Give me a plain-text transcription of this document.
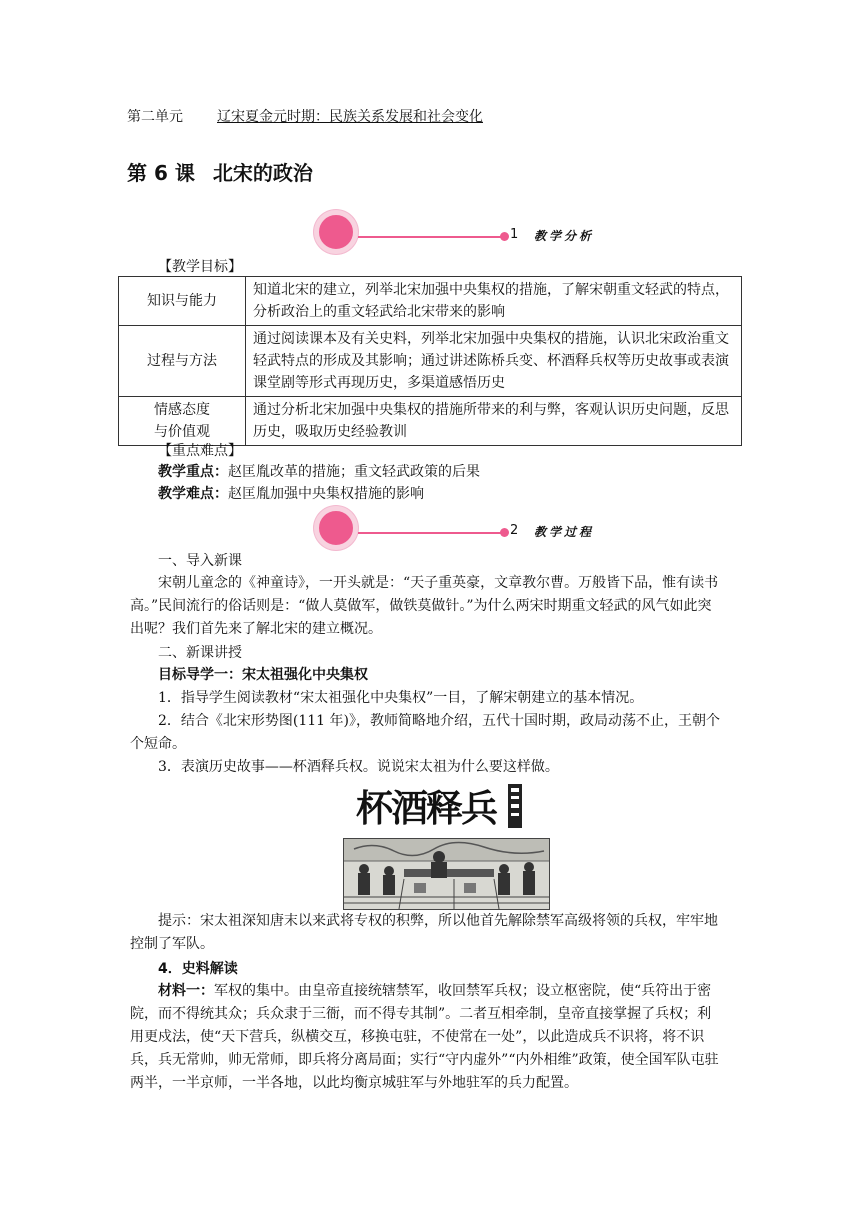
第二单元 辽宋夏金元时期：民族关系发展和社会变化
第 6 课 北宋的政治
1 教学分析
【教学目标】
知识与能力	知道北宋的建立，列举北宋加强中央集权的措施，了解宋朝重文轻武的特点，分析政治上的重文轻武给北宋带来的影响
过程与方法	通过阅读课本及有关史料，列举北宋加强中央集权的措施，认识北宋政治重文轻武特点的形成及其影响；通过讲述陈桥兵变、杯酒释兵权等历史故事或表演课堂剧等形式再现历史，多渠道感悟历史

情感态度
与价值观	通过分析北宋加强中央集权的措施所带来的利与弊，客观认识历史问题，反思历史，吸取历史经验教训
【重点难点】
教学重点：赵匡胤改革的措施；重文轻武政策的后果
教学难点：赵匡胤加强中央集权措施的影响
2 教学过程
一、导入新课
宋朝儿童念的《神童诗》，一开头就是：“天子重英豪，文章教尔曹。万般皆下品，惟有读书高。”民间流行的俗话则是：“做人莫做军，做铁莫做针。”为什么两宋时期重文轻武的风气如此突出呢？我们首先来了解北宋的建立概况。
二、新课讲授
目标导学一：宋太祖强化中央集权
1．指导学生阅读教材“宋太祖强化中央集权”一目，了解宋朝建立的基本情况。
2．结合《北宋形势图(111 年)》，教师简略地介绍，五代十国时期，政局动荡不止，王朝个个短命。
3．表演历史故事——杯酒释兵权。说说宋太祖为什么要这样做。
杯酒释兵
提示：宋太祖深知唐末以来武将专权的积弊，所以他首先解除禁军高级将领的兵权，牢牢地控制了军队。
4．史料解读
材料一：军权的集中。由皇帝直接统辖禁军，收回禁军兵权；设立枢密院，使“兵符出于密院，而不得统其众；兵众隶于三衙，而不得专其制”。二者互相牵制，皇帝直接掌握了兵权；利用更戍法，使“天下营兵，纵横交互，移换屯驻，不使常在一处”，以此造成兵不识将，将不识兵，兵无常帅，帅无常师，即兵将分离局面；实行“守内虚外”“内外相维”政策，使全国军队屯驻两半，一半京师，一半各地，以此均衡京城驻军与外地驻军的兵力配置。
